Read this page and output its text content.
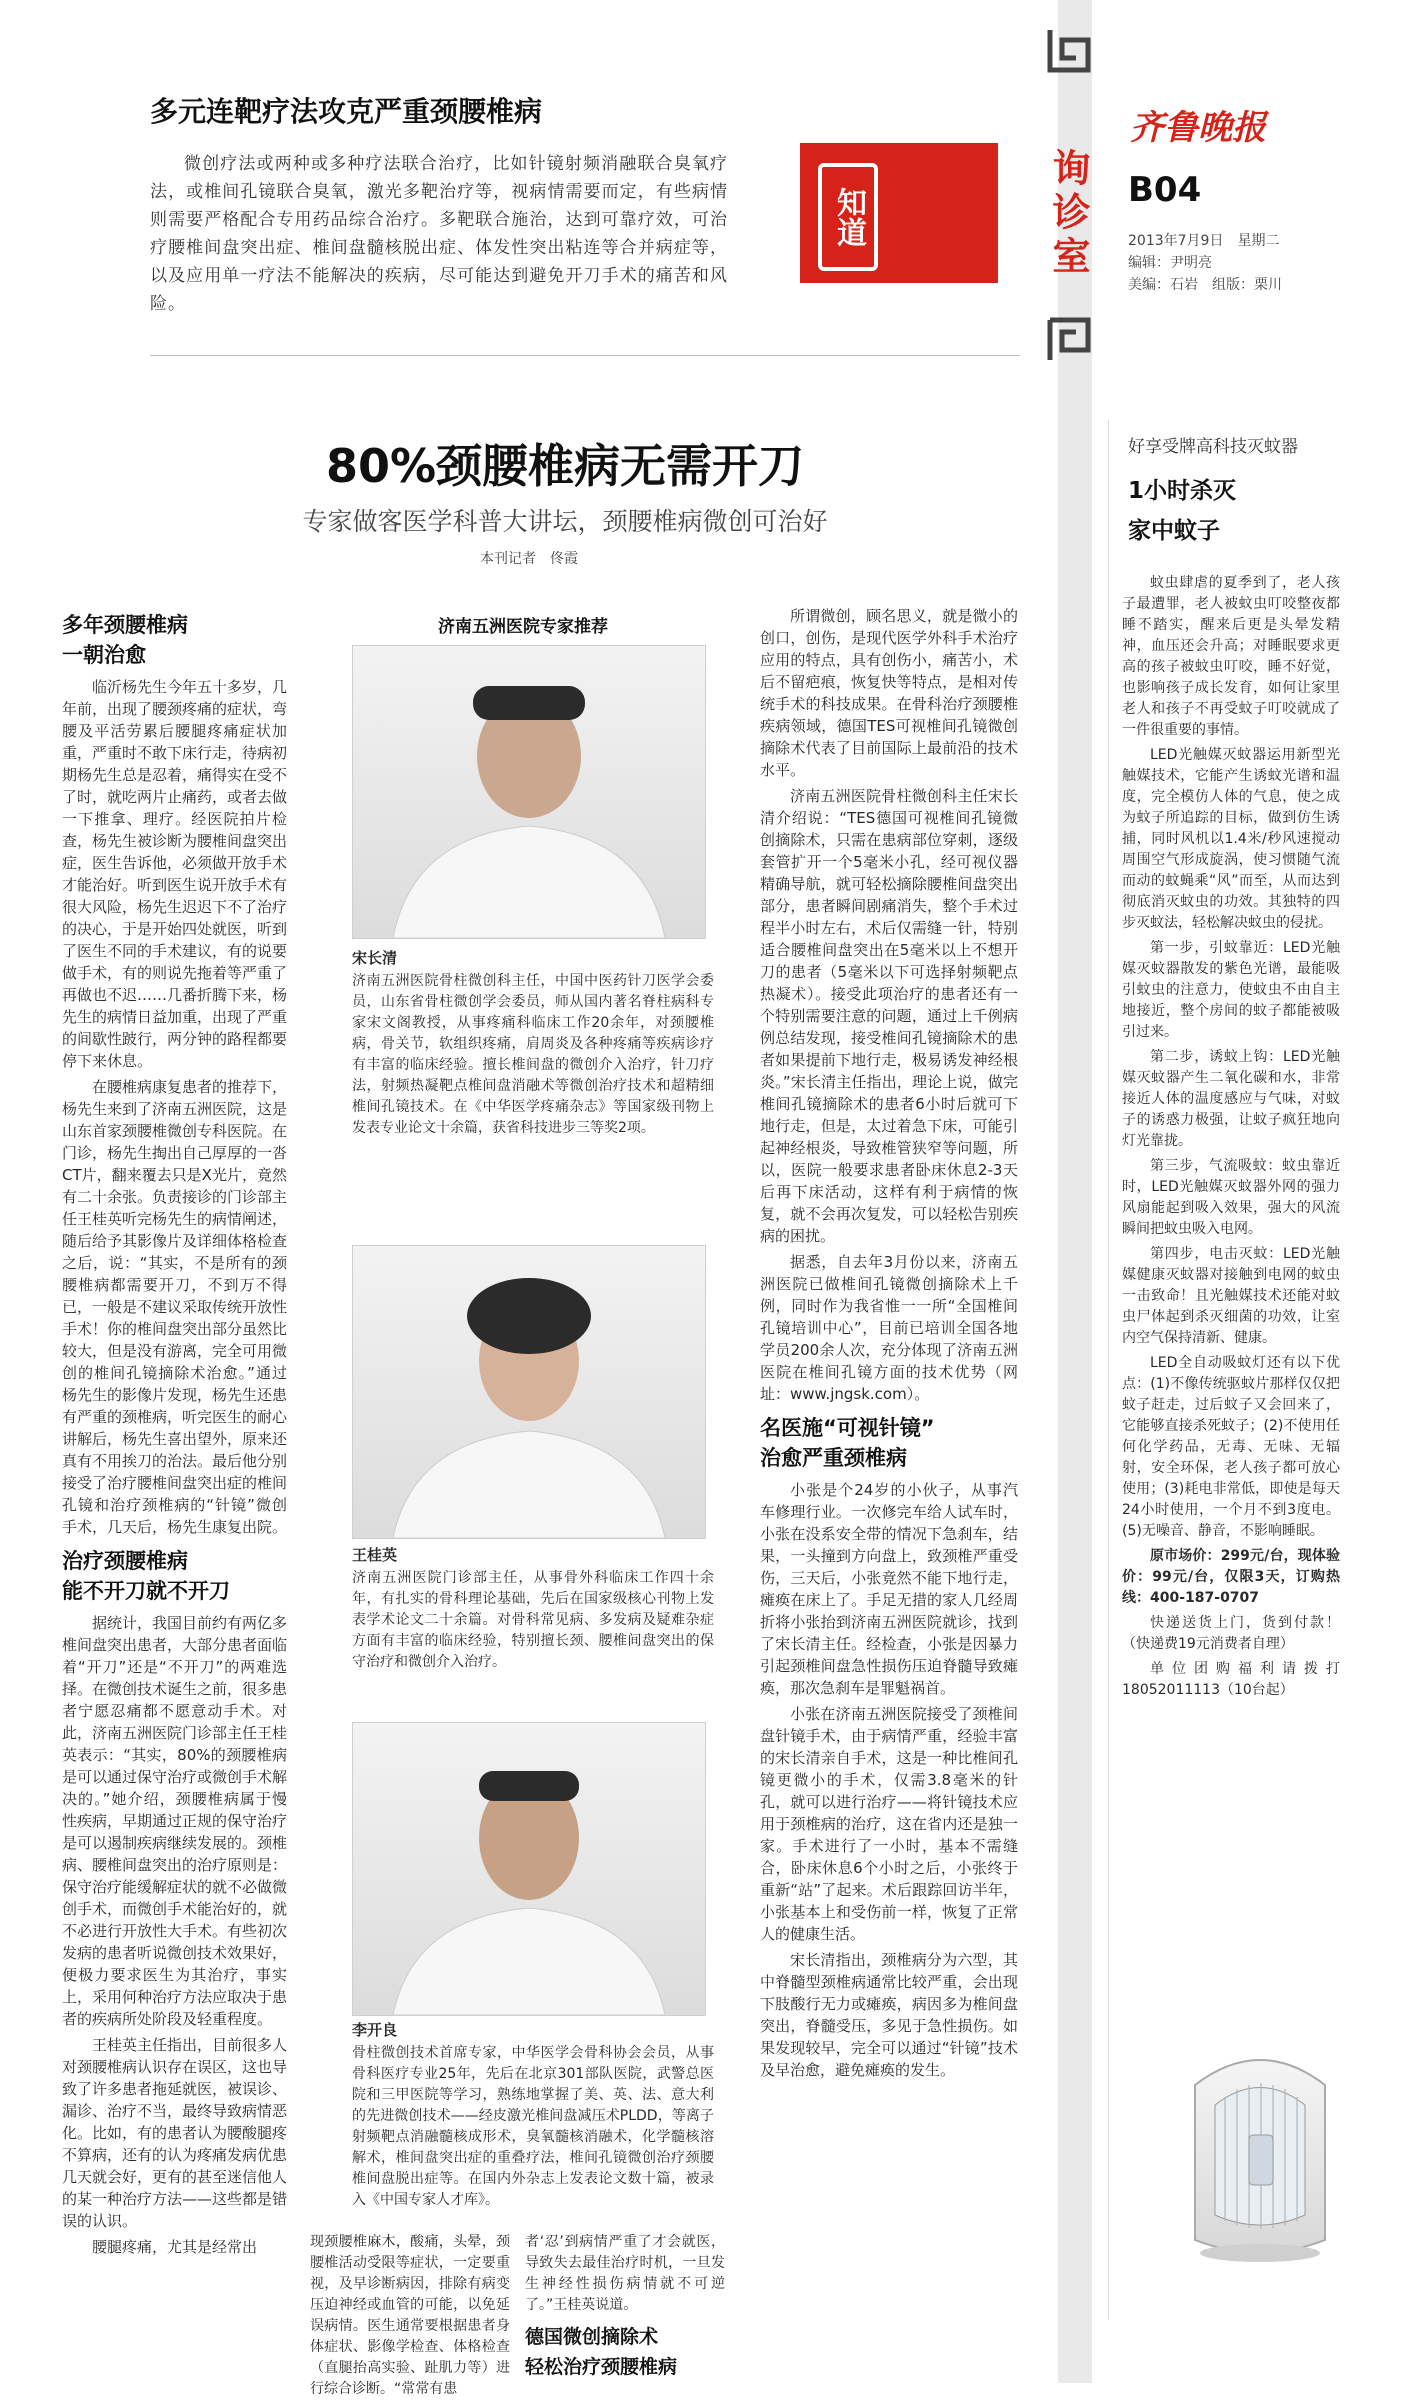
多元连靶疗法攻克严重颈腰椎病
微创疗法或两种或多种疗法联合治疗，比如针镜射频消融联合臭氧疗法，或椎间孔镜联合臭氧，激光多靶治疗等，视病情需要而定，有些病情则需要严格配合专用药品综合治疗。多靶联合施治，达到可靠疗效，可治疗腰椎间盘突出症、椎间盘髓核脱出症、体发性突出粘连等合并病症等，以及应用单一疗法不能解决的疾病，尽可能达到避免开刀手术的痛苦和风险。
知道	询诊室
齐鲁晚报
B04
2013年7月9日　星期二
编辑：尹明亮
美编：石岩　组版：栗川
80%颈腰椎病无需开刀
专家做客医学科普大讲坛，颈腰椎病微创可治好
本刊记者　佟霞
多年颈腰椎病
一朝治愈

临沂杨先生今年五十多岁，几年前，出现了腰颈疼痛的症状，弯腰及平活劳累后腰腿疼痛症状加重，严重时不敢下床行走，待病初期杨先生总是忍着，痛得实在受不了时，就吃两片止痛药，或者去做一下推拿、理疗。经医院拍片检查，杨先生被诊断为腰椎间盘突出症，医生告诉他，必须做开放手术才能治好。听到医生说开放手术有很大风险，杨先生迟迟下不了治疗的决心，于是开始四处就医，听到了医生不同的手术建议，有的说要做手术，有的则说先拖着等严重了再做也不迟……几番折腾下来，杨先生的病情日益加重，出现了严重的间歇性跛行，两分钟的路程都要停下来休息。

在腰椎病康复患者的推荐下，杨先生来到了济南五洲医院，这是山东首家颈腰椎微创专科医院。在门诊，杨先生掏出自己厚厚的一沓CT片，翻来覆去只是X光片，竟然有二十余张。负责接诊的门诊部主任王桂英听完杨先生的病情阐述，随后给予其影像片及详细体格检查之后，说：“其实，不是所有的颈腰椎病都需要开刀，不到万不得已，一般是不建议采取传统开放性手术！你的椎间盘突出部分虽然比较大，但是没有游离，完全可用微创的椎间孔镜摘除术治愈。”通过杨先生的影像片发现，杨先生还患有严重的颈椎病，听完医生的耐心讲解后，杨先生喜出望外，原来还真有不用挨刀的治法。最后他分别接受了治疗腰椎间盘突出症的椎间孔镜和治疗颈椎病的“针镜”微创手术，几天后，杨先生康复出院。

治疗颈腰椎病
能不开刀就不开刀

据统计，我国目前约有两亿多椎间盘突出患者，大部分患者面临着“开刀”还是“不开刀”的两难选择。在微创技术诞生之前，很多患者宁愿忍痛都不愿意动手术。对此，济南五洲医院门诊部主任王桂英表示：“其实，80%的颈腰椎病是可以通过保守治疗或微创手术解决的。”她介绍，颈腰椎病属于慢性疾病，早期通过正规的保守治疗是可以遏制疾病继续发展的。颈椎病、腰椎间盘突出的治疗原则是：保守治疗能缓解症状的就不必做微创手术，而微创手术能治好的，就不必进行开放性大手术。有些初次发病的患者听说微创技术效果好，便极力要求医生为其治疗，事实上，采用何种治疗方法应取决于患者的疾病所处阶段及轻重程度。

王桂英主任指出，目前很多人对颈腰椎病认识存在误区，这也导致了许多患者拖延就医，被误诊、漏诊、治疗不当，最终导致病情恶化。比如，有的患者认为腰酸腿疼不算病，还有的认为疼痛发病优患几天就会好，更有的甚至迷信他人的某一种治疗方法——这些都是错误的认识。

腰腿疼痛，尤其是经常出

济南五洲医院专家推荐
宋长清
济南五洲医院骨柱微创科主任，中国中医药针刀医学会委员，山东省骨柱微创学会委员，师从国内著名脊柱病科专家宋文阁教授，从事疼痛科临床工作20余年，对颈腰椎病，骨关节，软组织疼痛，肩周炎及各种疼痛等疾病诊疗有丰富的临床经验。擅长椎间盘的微创介入治疗，针刀疗法，射频热凝靶点椎间盘消融术等微创治疗技术和超精细椎间孔镜技术。在《中华医学疼痛杂志》等国家级刊物上发表专业论文十余篇，获省科技进步三等奖2项。
王桂英
济南五洲医院门诊部主任，从事骨外科临床工作四十余年，有扎实的骨科理论基础，先后在国家级核心刊物上发表学术论文二十余篇。对骨科常见病、多发病及疑难杂症方面有丰富的临床经验，特别擅长颈、腰椎间盘突出的保守治疗和微创介入治疗。
李开良
骨柱微创技术首席专家，中华医学会骨科协会会员，从事骨科医疗专业25年，先后在北京301部队医院，武警总医院和三甲医院等学习，熟练地掌握了美、英、法、意大利的先进微创技术——经皮激光椎间盘减压术PLDD，等离子射频靶点消融髓核成形术，臭氧髓核消融术，化学髓核溶解术，椎间盘突出症的重叠疗法，椎间孔镜微创治疗颈腰椎间盘脱出症等。在国内外杂志上发表论文数十篇，被录入《中国专家人才库》。
现颈腰椎麻木，酸痛，头晕，颈腰椎活动受限等症状，一定要重视，及早诊断病因，排除有病变压迫神经或血管的可能，以免延误病情。医生通常要根据患者身体症状、影像学检查、体格检查（直腿抬高实验、趾肌力等）进行综合诊断。“常常有患
者‘忍’到病情严重了才会就医，导致失去最佳治疗时机，一旦发生神经性损伤病情就不可逆了。”王桂英说道。
德国微创摘除术
轻松治疗颈腰椎病

所谓微创，顾名思义，就是微小的创口，创伤，是现代医学外科手术治疗应用的特点，具有创伤小，痛苦小，术后不留疤痕，恢复快等特点，是相对传统手术的科技成果。在骨科治疗颈腰椎疾病领域，德国TES可视椎间孔镜微创摘除术代表了目前国际上最前沿的技术水平。

济南五洲医院骨柱微创科主任宋长清介绍说：“TES德国可视椎间孔镜微创摘除术，只需在患病部位穿刺，逐级套管扩开一个5毫米小孔，经可视仪器精确导航，就可轻松摘除腰椎间盘突出部分，患者瞬间剧痛消失，整个手术过程半小时左右，术后仅需缝一针，特别适合腰椎间盘突出在5毫米以上不想开刀的患者（5毫米以下可选择射频靶点热凝术）。接受此项治疗的患者还有一个特别需要注意的问题，通过上千例病例总结发现，接受椎间孔镜摘除术的患者如果提前下地行走，极易诱发神经根炎。”宋长清主任指出，理论上说，做完椎间孔镜摘除术的患者6小时后就可下地行走，但是，太过着急下床，可能引起神经根炎，导致椎管狭窄等问题，所以，医院一般要求患者卧床休息2-3天后再下床活动，这样有利于病情的恢复，就不会再次复发，可以轻松告别疾病的困扰。

据悉，自去年3月份以来，济南五洲医院已做椎间孔镜微创摘除术上千例，同时作为我省惟一一所“全国椎间孔镜培训中心”，目前已培训全国各地学员200余人次，充分体现了济南五洲医院在椎间孔镜方面的技术优势（网址：www.jngsk.com）。

名医施“可视针镜”
治愈严重颈椎病

小张是个24岁的小伙子，从事汽车修理行业。一次修完车给人试车时，小张在没系安全带的情况下急刹车，结果，一头撞到方向盘上，致颈椎严重受伤，三天后，小张竟然不能下地行走，瘫痪在床上了。手足无措的家人几经周折将小张抬到济南五洲医院就诊，找到了宋长清主任。经检查，小张是因暴力引起颈椎间盘急性损伤压迫脊髓导致瘫痪，那次急刹车是罪魁祸首。

小张在济南五洲医院接受了颈椎间盘针镜手术，由于病情严重，经验丰富的宋长清亲自手术，这是一种比椎间孔镜更微小的手术，仅需3.8毫米的针孔，就可以进行治疗——将针镜技术应用于颈椎病的治疗，这在省内还是独一家。手术进行了一小时，基本不需缝合，卧床休息6个小时之后，小张终于重新“站”了起来。术后跟踪回访半年，小张基本上和受伤前一样，恢复了正常人的健康生活。

宋长清指出，颈椎病分为六型，其中脊髓型颈椎病通常比较严重，会出现下肢酸行无力或瘫痪，病因多为椎间盘突出，脊髓受压，多见于急性损伤。如果发现较早，完全可以通过“针镜”技术及早治愈，避免瘫痪的发生。

好享受牌高科技灭蚊器
1小时杀灭
家中蚊子

蚊虫肆虐的夏季到了，老人孩子最遭罪，老人被蚊虫叮咬整夜都睡不踏实，醒来后更是头晕发精神，血压还会升高；对睡眠要求更高的孩子被蚊虫叮咬，睡不好觉，也影响孩子成长发育，如何让家里老人和孩子不再受蚊子叮咬就成了一件很重要的事情。

LED光触媒灭蚊器运用新型光触媒技术，它能产生诱蚊光谱和温度，完全模仿人体的气息，使之成为蚊子所追踪的目标，做到仿生诱捕，同时风机以1.4米/秒风速搅动周围空气形成旋涡，使习惯随气流而动的蚊蝇乘“风”而至，从而达到彻底消灭蚊虫的功效。其独特的四步灭蚊法，轻松解决蚊虫的侵扰。

第一步，引蚊靠近：LED光触媒灭蚊器散发的紫色光谱，最能吸引蚊虫的注意力，使蚊虫不由自主地接近，整个房间的蚊子都能被吸引过来。

第二步，诱蚊上钩：LED光触媒灭蚊器产生二氧化碳和水，非常接近人体的温度感应与气味，对蚊子的诱惑力极强，让蚊子疯狂地向灯光靠拢。

第三步，气流吸蚊：蚊虫靠近时，LED光触媒灭蚊器外网的强力风扇能起到吸入效果，强大的风流瞬间把蚊虫吸入电网。

第四步，电击灭蚊：LED光触媒健康灭蚊器对接触到电网的蚊虫一击致命！且光触媒技术还能对蚊虫尸体起到杀灭细菌的功效，让室内空气保持清新、健康。

LED全自动吸蚊灯还有以下优点：(1)不像传统驱蚊片那样仅仅把蚊子赶走，过后蚊子又会回来了，它能够直接杀死蚊子；(2)不使用任何化学药品，无毒、无味、无辐射，安全环保，老人孩子都可放心使用；(3)耗电非常低，即使是每天24小时使用，一个月不到3度电。(5)无噪音、静音，不影响睡眠。

原市场价：299元/台，现体验价：99元/台，仅限3天，订购热线：400-187-0707

快递送货上门，货到付款！（快递费19元消费者自理）

单位团购福利请拨打18052011113（10台起）
